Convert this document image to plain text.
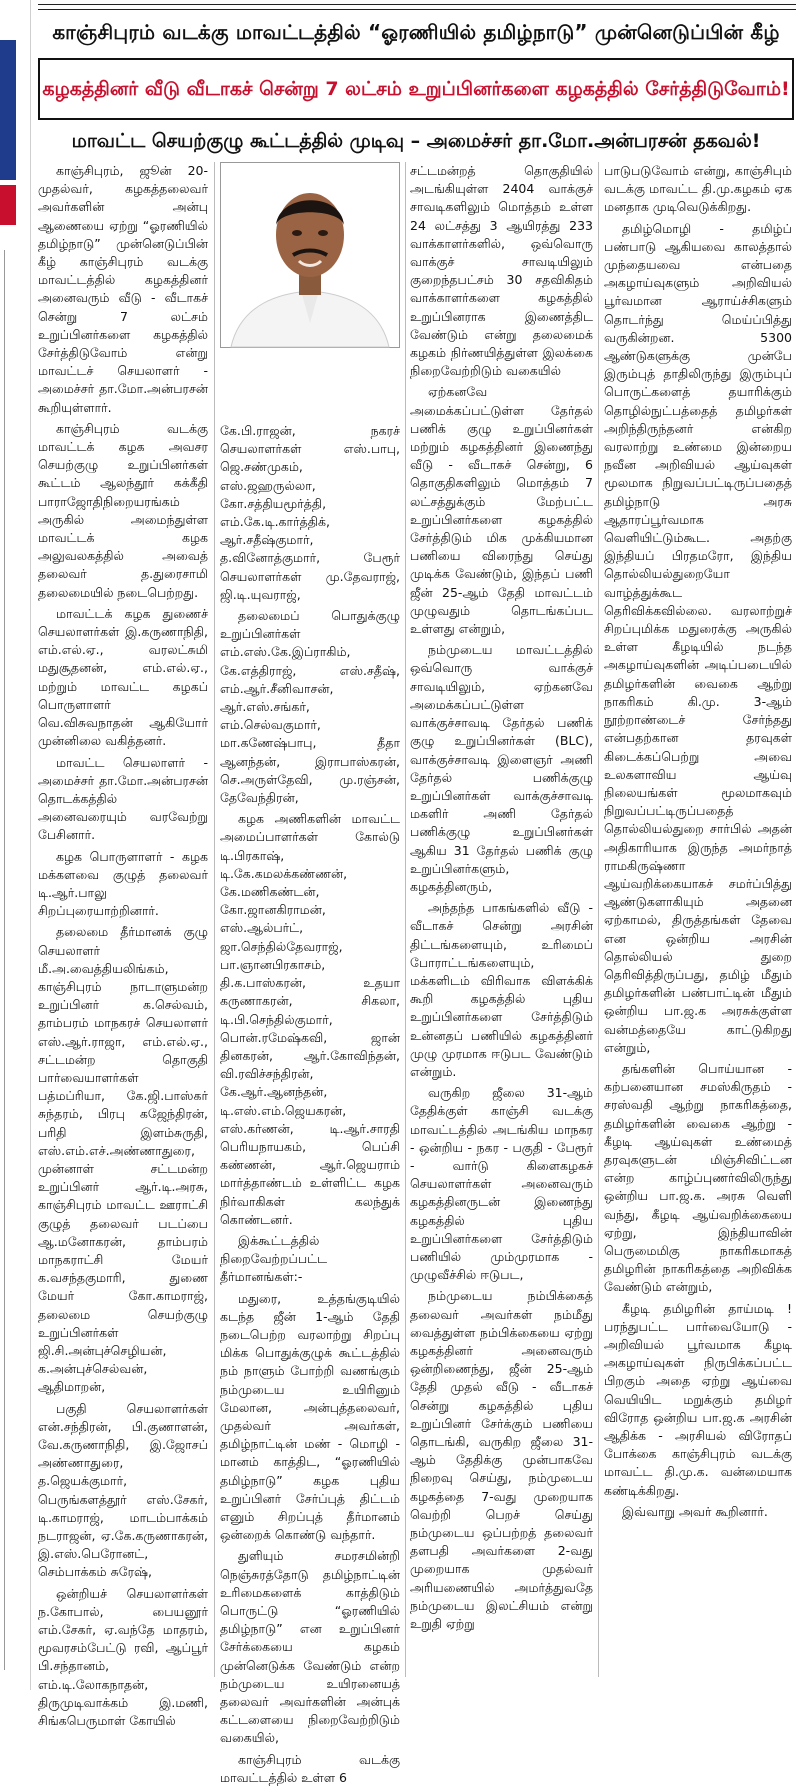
காஞ்சிபுரம் வடக்கு மாவட்டத்தில் “ஓரணியில் தமிழ்நாடு” முன்னெடுப்பின் கீழ்
கழகத்தினர் வீடு வீடாகச் சென்று 7 லட்சம் உறுப்பினர்களை கழகத்தில் சேர்த்திடுவோம்!
மாவட்ட செயற்குழு கூட்டத்தில் முடிவு – அமைச்சர் தா.மோ.அன்பரசன் தகவல்!

காஞ்சிபுரம், ஜூன் 20- முதல்வர், கழகத்தலைவர் அவர்களின் அன்பு ஆணையை ஏற்று “ஓரணியில் தமிழ்நாடு” முன்னெடுப்பின் கீழ் காஞ்சிபுரம் வடக்கு மாவட்டத்தில் கழகத்தினர் அனைவரும் வீடு - வீடாகச் சென்று 7 லட்சம் உறுப்பினர்களை கழகத்தில் சேர்த்திடுவோம் என்று மாவட்டச் செயலாளர் - அமைச்சர் தா.மோ.அன்பரசன் கூறியுள்ளார்.

காஞ்சிபுரம் வடக்கு மாவட்டக் கழக அவசர செயற்குழு உறுப்பினர்கள் கூட்டம் ஆலந்தூர் கக்கீதி பாராஜோதிநிறையரங்கம் அருகில் அமைந்துள்ள மாவட்டக் கழக அலுவலகத்தில் அவைத் தலைவர் த.துரைசாமி தலைமையில் நடைபெற்றது.

மாவட்டக் கழக துணைச் செயலாளர்கள் இ.கருணாநிதி, எம்.எல்.ஏ., வரலட்சுமி மதுசூதனன், எம்.எல்.ஏ., மற்றும் மாவட்ட கழகப் பொருளாளர் வெ.விசுவநாதன் ஆகியோர் முன்னிலை வகித்தனர்.

மாவட்ட செயலாளர் - அமைச்சர் தா.மோ.அன்பரசன் தொடக்கத்தில் அனைவரையும் வரவேற்று பேசினார்.

கழக பொருளாளர் - கழக மக்களவை குழுத் தலைவர் டி.ஆர்.பாலு சிறப்புரையாற்றினார்.

தலைமை தீர்மானக் குழு செயலாளர் மீ.அ.வைத்தியலிங்கம், காஞ்சிபுரம் நாடாளுமன்ற உறுப்பினர் க.செல்வம், தாம்பரம் மாநகரச் செயலாளர் எஸ்.ஆர்.ராஜா, எம்.எல்.ஏ., சட்டமன்ற தொகுதி பார்வையாளர்கள் பத்மப்ரியா, கே.ஜி.பாஸ்கர் சுந்தரம், பிரபு கஜேந்திரன், பரிதி இளம்சுருதி, எஸ்.எம்.எச்.அண்ணாதுரை, முன்னாள் சட்டமன்ற உறுப்பினர் ஆர்.டி.அரசு, காஞ்சிபுரம் மாவட்ட ஊராட்சி குழுத் தலைவர் படப்பை ஆ.மனோகரன், தாம்பரம் மாநகராட்சி மேயர் க.வசந்தகுமாரி, துணை மேயர் கோ.காமராஜ், தலைமை செயற்குழு உறுப்பினர்கள் ஜி.சி.அன்புச்செழியன், க.அன்புச்செல்வன், ஆதிமாறன்,

பகுதி செயலாளர்கள் என்.சந்திரன், பி.குணாளன், வே.கருணாநிதி, இ.ஜோசப் அண்ணாதுரை, த.ஜெயக்குமார், பெருங்களத்தூர் எஸ்.சேகர், டி.காமராஜ், மாடம்பாக்கம் நடராஜன், ஏ.கே.கருணாகரன், இ.எஸ்.பெரோனட், செம்பாக்கம் சுரேஷ்,

ஒன்றியச் செயலாளர்கள் ந.கோபால், பையனூர் எம்.சேகர், ஏ.வந்தே மாதரம், மூவரசம்பேட்டு ரவி, ஆப்பூர் பி.சந்தானம், எம்.டி.லோகநாதன், திருமுடிவாக்கம் இ.மணி, சிங்கபெருமாள் கோயில்

கே.பி.ராஜன், நகரச் செயலாளர்கள் எஸ்.பாபு, ஜெ.சண்முகம், எஸ்.ஜஹருல்லா, கோ.சத்தியமூர்த்தி, எம்.கே.டி.கார்த்திக், ஆர்.சதீஷ்குமார், த.வினோத்குமார், பேரூர் செயலாளர்கள் மு.தேவராஜ், ஜி.டி.யுவராஜ்,

தலைமைப் பொதுக்குழு உறுப்பினர்கள் எம்.எஸ்.கே.இப்ராகிம், கே.எத்திராஜ், எஸ்.சதீஷ், எம்.ஆர்.சீனிவாசன், ஆர்.எஸ்.சங்கர், எம்.செல்வகுமார், மா.கணேஷ்பாபு, தீதா ஆனந்தன், இராபாஸ்கரன், செ.அருள்தேவி, மு.ரஞ்சன், தேவேந்திரன்,

கழக அணிகளின் மாவட்ட அமைப்பாளர்கள் கோல்டு டி.பிரகாஷ், டி.கே.கமலக்கண்ணன், கே.மணிகண்டன், கோ.ஜானகிராமன், எஸ்.ஆல்பர்ட், ஜா.செந்தில்தேவராஜ், பா.ஞானபிரகாசம், தி.க.பாஸ்கரன், உதயா கருணாகரன், சிகலா, டி.பி.செந்தில்குமார், பொன்.ரமேஷ்கவி, ஜான் தினகரன், ஆர்.கோவிந்தன், வி.ரவிச்சந்திரன், கே.ஆர்.ஆனந்தன், டி.எஸ்.எம்.ஜெயகரன், எஸ்.கர்ணன், டி.ஆர்.சாரதி பெரியநாயகம், பெப்சி கண்ணன், ஆர்.ஜெயராம் மார்த்தாண்டம் உள்ளிட்ட கழக நிர்வாகிகள் கலந்துக் கொண்டனர்.

இக்கூட்டத்தில் நிறைவேற்றப்பட்ட தீர்மானங்கள்:-

மதுரை, உத்தங்குடியில் கடந்த ஜீன் 1-ஆம் தேதி நடைபெற்ற வரலாற்று சிறப்பு மிக்க பொதுக்குழுக் கூட்டத்தில் நம் நாளும் போற்றி வணங்கும் நம்முடைய உயிரினும் மேலான, அன்புத்தலைவர், முதல்வர் அவர்கள், தமிழ்நாட்டின் மண் - மொழி - மானம் காத்திட, “ஓரணியில் தமிழ்நாடு” கழக புதிய உறுப்பினர் சேர்ப்புத் திட்டம் எனும் சிறப்புத் தீர்மானம் ஒன்றைக் கொண்டு வந்தார்.

துளியும் சமரசமின்றி நெஞ்சுரத்தோடு தமிழ்நாட்டின் உரிமைகளைக் காத்திடும் பொருட்டு “ஓரணியில் தமிழ்நாடு” என உறுப்பினர் சேர்க்கையை கழகம் முன்னெடுக்க வேண்டும் என்ற நம்முடைய உயிரனையத் தலைவர் அவர்களின் அன்புக் கட்டளையை நிறைவேற்றிடும் வகையில்,

காஞ்சிபுரம் வடக்கு மாவட்டத்தில் உள்ள 6

சட்டமன்றத் தொகுதியில் அடங்கியுள்ள 2404 வாக்குச் சாவடிகளிலும் மொத்தம் உள்ள 24 லட்சத்து 3 ஆயிரத்து 233 வாக்காளர்களில், ஒவ்வொரு வாக்குச் சாவடியிலும் குறைந்தபட்சம் 30 சதவிகிதம் வாக்காளர்களை கழகத்தில் உறுப்பினராக இணைத்திட வேண்டும் என்று தலைமைக் கழகம் நிர்ணயித்துள்ள இலக்கை நிறைவேற்றிடும் வகையில்

ஏற்கனவே அமைக்கப்பட்டுள்ள தேர்தல் பணிக் குழு உறுப்பினர்கள் மற்றும் கழகத்தினர் இணைந்து வீடு - வீடாகச் சென்று, 6 தொகுதிகளிலும் மொத்தம் 7 லட்சத்துக்கும் மேற்பட்ட உறுப்பினர்களை கழகத்தில் சேர்த்திடும் மிக முக்கியமான பணியை விரைந்து செய்து முடிக்க வேண்டும், இந்தப் பணி ஜீன் 25-ஆம் தேதி மாவட்டம் முழுவதும் தொடங்கப்பட உள்ளது என்றும்,

நம்முடைய மாவட்டத்தில் ஒவ்வொரு வாக்குச் சாவடியிலும், ஏற்கனவே அமைக்கப்பட்டுள்ள வாக்குச்சாவடி தேர்தல் பணிக் குழு உறுப்பினர்கள் (BLC), வாக்குச்சாவடி இளைஞர் அணி தேர்தல் பணிக்குழு உறுப்பினர்கள் வாக்குச்சாவடி மகளிர் அணி தேர்தல் பணிக்குழு உறுப்பினர்கள் ஆகிய 31 தேர்தல் பணிக் குழு உறுப்பினர்களும், கழகத்தினரும்,

அந்தந்த பாகங்களில் வீடு - வீடாகச் சென்று அரசின் திட்டங்களையும், உரிமைப் போராட்டங்களையும், மக்களிடம் விரிவாக விளக்கிக் கூறி கழகத்தில் புதிய உறுப்பினர்களை சேர்த்திடும் உன்னதப் பணியில் கழகத்தினர் முழு முரமாக ஈடுபட வேண்டும் என்றும்.

வருகிற ஜீலை 31-ஆம் தேதிக்குள் காஞ்சி வடக்கு மாவட்டத்தில் அடங்கிய மாநகர - ஒன்றிய - நகர - பகுதி - பேரூர் - வார்டு கிளைகழகச் செயலாளர்கள் அனைவரும் கழகத்தினருடன் இணைந்து கழகத்தில் புதிய உறுப்பினர்களை சேர்த்திடும் பணியில் மும்முரமாக - முழுவீச்சில் ஈடுபட,

நம்முடைய நம்பிக்கைத் தலைவர் அவர்கள் நம்மீது வைத்துள்ள நம்பிக்கையை ஏற்று கழகத்தினர் அனைவரும் ஒன்றிணைந்து, ஜீன் 25-ஆம் தேதி முதல் வீடு - வீடாகச் சென்று கழகத்தில் புதிய உறுப்பினர் சேர்க்கும் பணியை தொடங்கி, வருகிற ஜீலை 31-ஆம் தேதிக்கு முன்பாகவே நிறைவு செய்து, நம்முடைய கழகத்தை 7-வது முறையாக வெற்றி பெறச் செய்து நம்முடைய ஒப்பற்றத் தலைவர் தளபதி அவர்களை 2-வது முறையாக முதல்வர் அரியணையில் அமர்த்துவதே நம்முடைய இலட்சியம் என்று உறுதி ஏற்று

பாடுபடுவோம் என்று, காஞ்சிபும் வடக்கு மாவட்ட தி.மு.கழகம் ஏக மனதாக முடிவெடுக்கிறது.

தமிழ்மொழி - தமிழ்ப் பண்பாடு ஆகியவை காலத்தால் முந்தையவை என்பதை அகழாய்வுகளும் அறிவியல் பூர்வமான ஆராய்ச்சிகளும் தொடர்ந்து மெய்ப்பித்து வருகின்றன. 5300 ஆண்டுகளுக்கு முன்பே இரும்புத் தாதிலிருந்து இரும்புப் பொருட்களைத் தயாரிக்கும் தொழில்நுட்பத்தைத் தமிழர்கள் அறிந்திருந்தனர் என்கிற வரலாற்று உண்மை இன்றைய நவீன அறிவியல் ஆய்வுகள் மூலமாக நிறுவப்பட்டிருப்பதைத் தமிழ்நாடு அரசு ஆதாரப்பூர்வமாக வெளியிட்டும்கூட. அதற்கு இந்தியப் பிரதமரோ, இந்திய தொல்லியல்துறையோ வாழ்த்துக்கூட தெரிவிக்கவில்லை. வரலாற்றுச் சிறப்புமிக்க மதுரைக்கு அருகில் உள்ள கீழடியில் நடந்த அகழாய்வுகளின் அடிப்படையில் தமிழர்களின் வைகை ஆற்று நாகரிகம் கி.மு. 3-ஆம் நூற்றாண்டைச் சேர்ந்தது என்பதற்கான தரவுகள் கிடைக்கப்பெற்று அவை உலகளாவிய ஆய்வு நிலையங்கள் மூலமாகவும் நிறுவப்பட்டிருப்பதைத் தொல்லியல்துறை சார்பில் அதன் அதிகாரியாக இருந்த அமர்நாத் ராமகிருஷ்ணா ஆய்வறிக்கையாகச் சமர்ப்பித்து ஆண்டுகளாகியும் அதனை ஏற்காமல், திருத்தங்கள் தேவை என ஒன்றிய அரசின் தொல்லியல் துறை தெரிவித்திருப்பது, தமிழ் மீதும் தமிழர்களின் பண்பாட்டின் மீதும் ஒன்றிய பா.ஜ.க அரசுக்குள்ள வன்மத்தையே காட்டுகிறது என்றும்,

தங்களின் பொய்யான - கற்பனையான சமஸ்கிருதம் - சரஸ்வதி ஆற்று நாகரிகத்தை, தமிழர்களின் வைகை ஆற்று - கீழடி ஆய்வுகள் உண்மைத் தரவுகளுடன் மிஞ்சிவிட்டன என்ற காழ்ப்புணர்விலிருந்து ஒன்றிய பா.ஜ.க. அரசு வெளி வந்து, கீழடி ஆய்வறிக்கையை ஏற்று, இந்தியாவின் பெருமைமிகு நாகரிகமாகத் தமிழரின் நாகரிகத்தை அறிவிக்க வேண்டும் என்றும்,

கீழடி தமிழரின் தாய்மடி ! பரந்துபட்ட பார்வையோடு - அறிவியல் பூர்வமாக கீழடி அகழாய்வுகள் நிருபிக்கப்பட்ட பிறகும் அதை ஏற்று ஆய்வை வெயியிட மறுக்கும் தமிழர் விரோத ஒன்றிய பா.ஜ.க அரசின் ஆதிக்க - அரசியல் விரோதப் போக்கை காஞ்சிபுரம் வடக்கு மாவட்ட தி.மு.க. வன்மையாக கண்டிக்கிறது.

இவ்வாறு அவர் கூறினார்.
